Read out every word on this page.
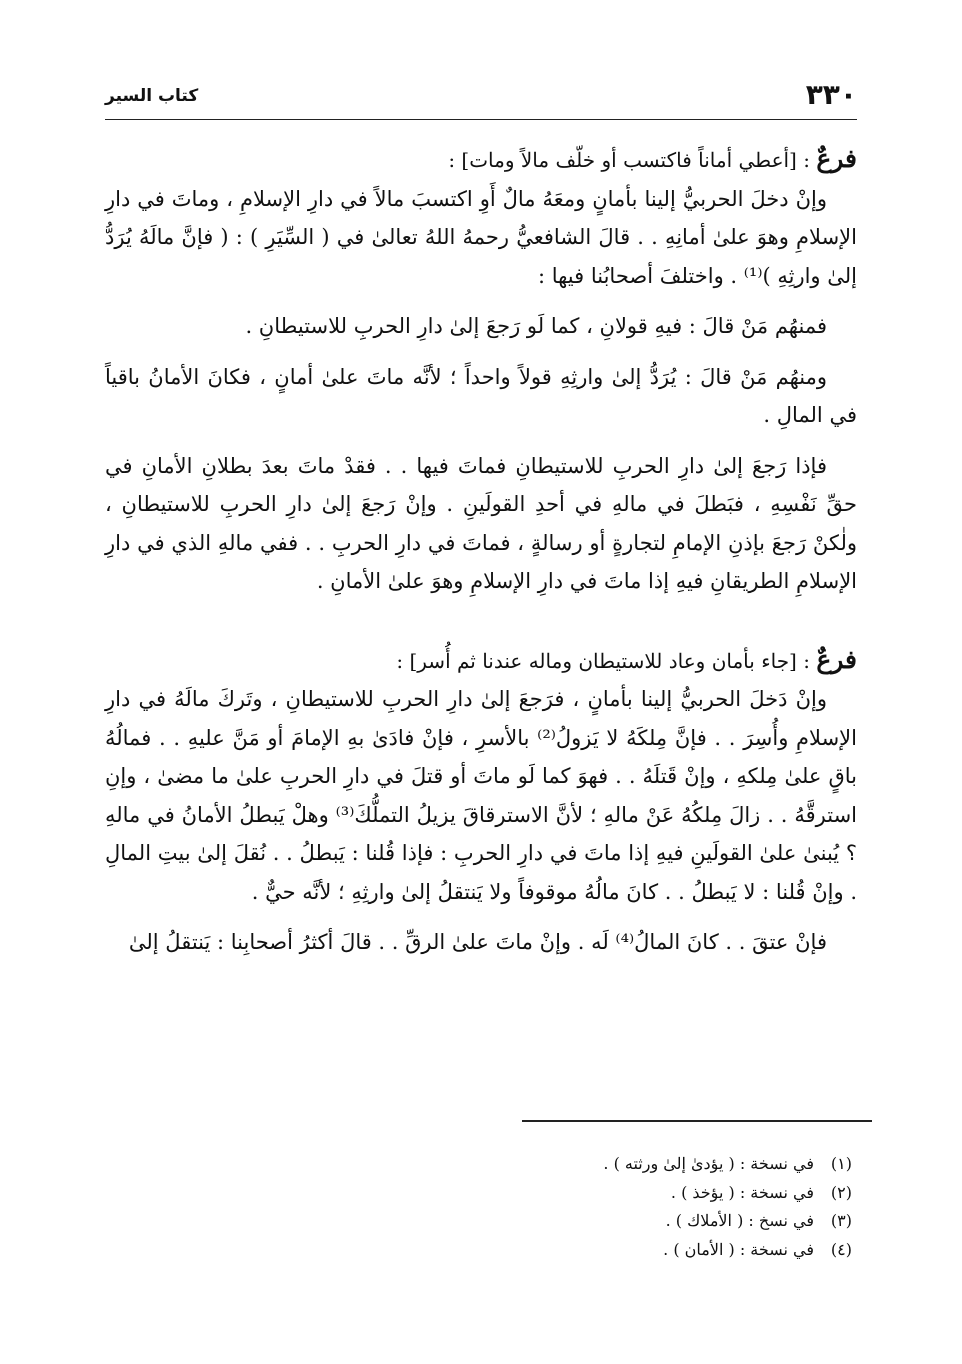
٣٣٠
كتاب السير

فرعٌ : [أعطي أماناً فاكتسب أو خلّف مالاً ومات] :

وإنْ دخلَ الحربيُّ إلينا بأمانٍ ومعَهُ مالٌ أَوِ اكتسبَ مالاً في دارِ الإسلامِ ، وماتَ في دارِ الإسلامِ وهوَ علىٰ أمانِهِ . . قالَ الشافعيُّ رحمهُ اللهُ تعالىٰ في ( السِّيَرِ ) : ( فإنَّ مالَهُ يُرَدُّ إلىٰ وارثِهِ )⁽¹⁾ . واختلفَ أصحابُنا فيها :

فمنهُم مَنْ قالَ : فيهِ قولانِ ، كما لَو رَجعَ إلىٰ دارِ الحربِ للاستيطانِ .

ومنهُم مَنْ قالَ : يُرَدُّ إلىٰ وارثِهِ قولاً واحداً ؛ لأنَّه ماتَ علىٰ أمانٍ ، فكانَ الأمانُ باقياً في المالِ .

فإذا رَجعَ إلىٰ دارِ الحربِ للاستيطانِ فماتَ فيها . . فقدْ ماتَ بعدَ بطلانِ الأمانِ في حقِّ نَفْسِهِ ، فبَطلَ في مالهِ في أحدِ القولَينِ . وإنْ رَجعَ إلىٰ دارِ الحربِ للاستيطانِ ، ولٰكنْ رَجعَ بإذنِ الإمامِ لتجارةٍ أو رسالةٍ ، فماتَ في دارِ الحربِ . . ففي مالهِ الذي في دارِ الإسلامِ الطريقانِ فيهِ إذا ماتَ في دارِ الإسلامِ وهوَ علىٰ الأمانِ .

فرعٌ : [جاء بأمان وعاد للاستيطان وماله عندنا ثم أُسر] :

وإنْ دَخلَ الحربيُّ إلينا بأمانٍ ، فرَجعَ إلىٰ دارِ الحربِ للاستيطانِ ، وتَركَ مالَهُ في دارِ الإسلامِ وأُسِرَ . . فإنَّ مِلكَهُ لا يَزولُ⁽²⁾ بالأسرِ ، فإنْ فادَىٰ بهِ الإمامَ أو مَنَّ عليهِ . . فمالُهُ باقٍ علىٰ مِلكهِ ، وإنْ قَتلَهُ . . فهوَ كما لَو ماتَ أو قتلَ في دارِ الحربِ علىٰ ما مضىٰ ، وإنِ استرقَّهُ . . زالَ مِلكُهُ عَنْ مالهِ ؛ لأنَّ الاسترقاقَ يزيلُ التملُّكَ⁽³⁾ وهلْ يَبطلُ الأمانُ في مالهِ ؟ يُبنىٰ علىٰ القولَينِ فيهِ إذا ماتَ في دارِ الحربِ : فإذا قُلنا : يَبطلُ . . نُقلَ إلىٰ بيتِ المالِ . وإنْ قُلنا : لا يَبطلُ . . كانَ مالُهُ موقوفاً ولا يَنتقلُ إلىٰ وارثِهِ ؛ لأنَّه حيٌّ .

فإنْ عتقَ . . كانَ المالُ⁽⁴⁾ لَه . وإنْ ماتَ علىٰ الرقِّ . . قالَ أكثرُ أصحابِنا : يَنتقلُ إلىٰ

(١)في نسخة : ( يؤدىٰ إلىٰ ورثته ) .
(٢)في نسخة : ( يؤخذ ) .
(٣)في نسخ : ( الأملاك ) .
(٤)في نسخة : ( الأمان ) .
